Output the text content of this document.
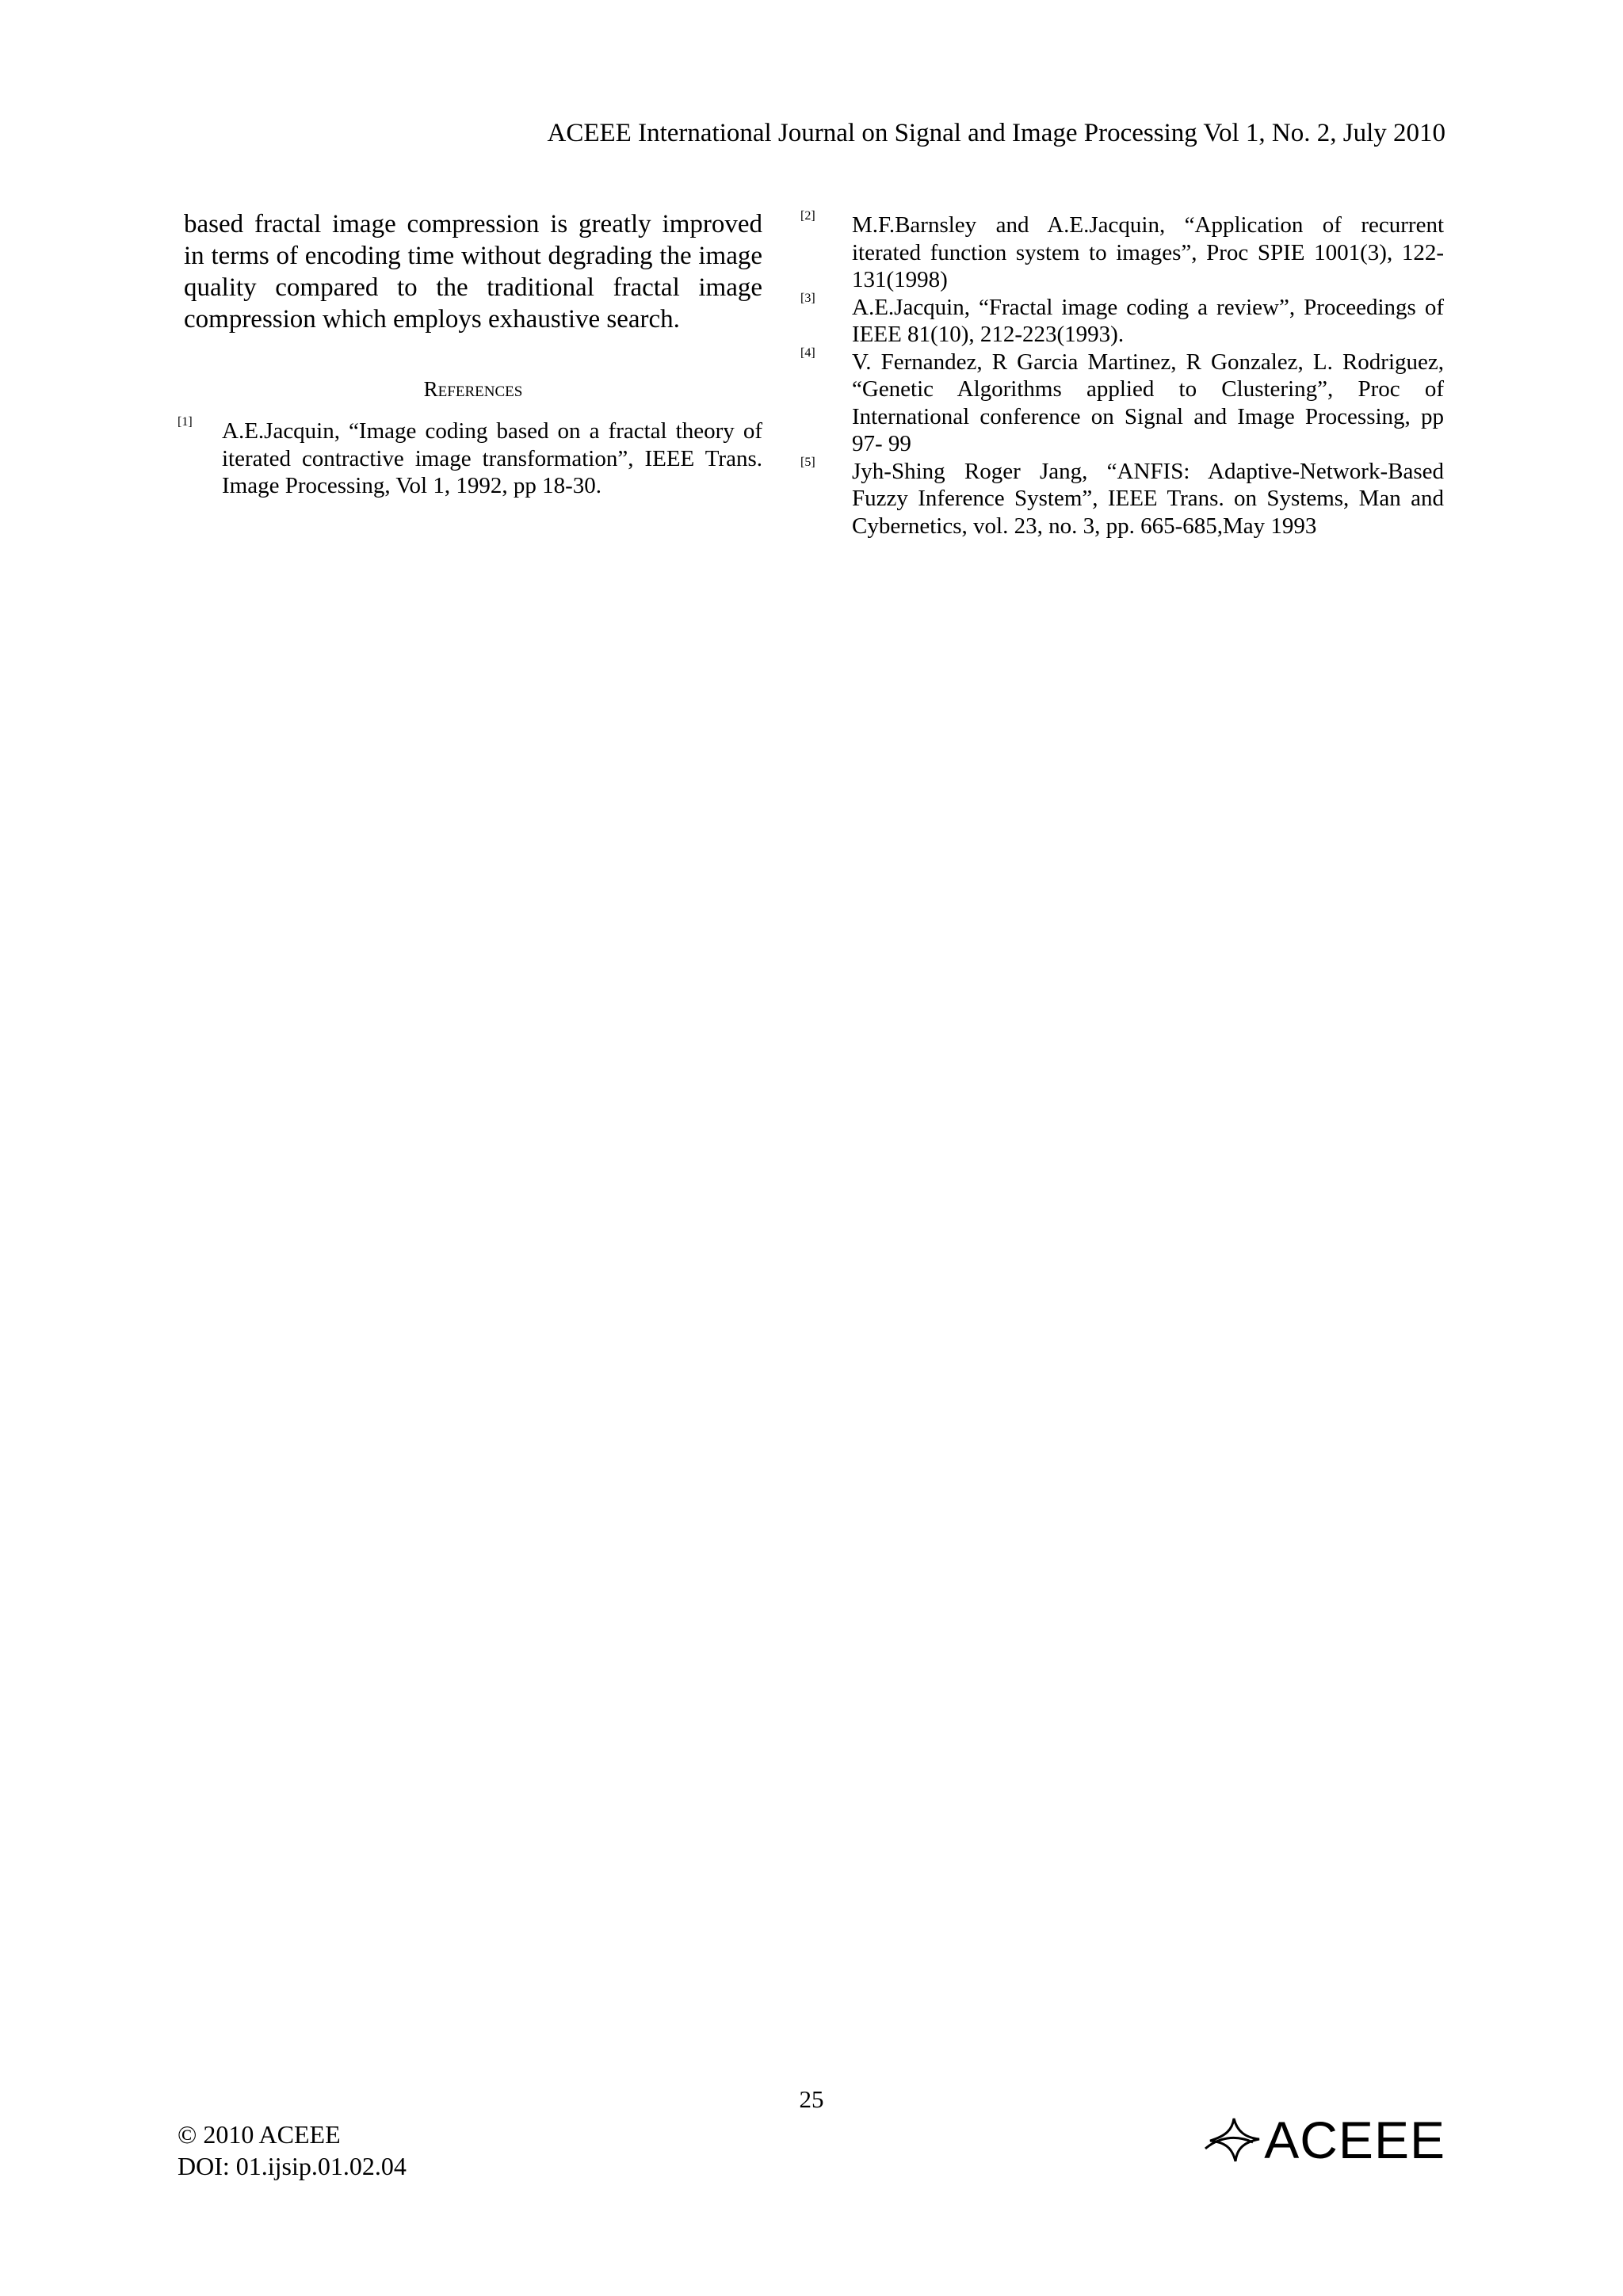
ACEEE International Journal on Signal and Image Processing Vol 1, No. 2, July 2010

based fractal image compression is greatly improved in terms of encoding time without degrading the image quality compared to the traditional fractal image compression which employs exhaustive search.

References
[1] A.E.Jacquin, “Image coding based on a fractal theory of iterated contractive image transformation”, IEEE Trans. Image Processing, Vol 1, 1992, pp 18-30.
[2] M.F.Barnsley and A.E.Jacquin, “Application of recurrent iterated function system to images”, Proc SPIE 1001(3), 122-131(1998)
[3] A.E.Jacquin, “Fractal image coding a review”, Proceedings of IEEE 81(10), 212-223(1993).
[4] V. Fernandez, R Garcia Martinez, R Gonzalez, L. Rodriguez, “Genetic Algorithms applied to Clustering”, Proc of International conference on Signal and Image Processing, pp 97- 99
[5] Jyh-Shing Roger Jang, “ANFIS: Adaptive-Network-Based Fuzzy Inference System”, IEEE Trans. on Systems, Man and Cybernetics, vol. 23, no. 3, pp. 665-685,May 1993
25
© 2010 ACEEE
DOI: 01.ijsip.01.02.04	ACEEE
